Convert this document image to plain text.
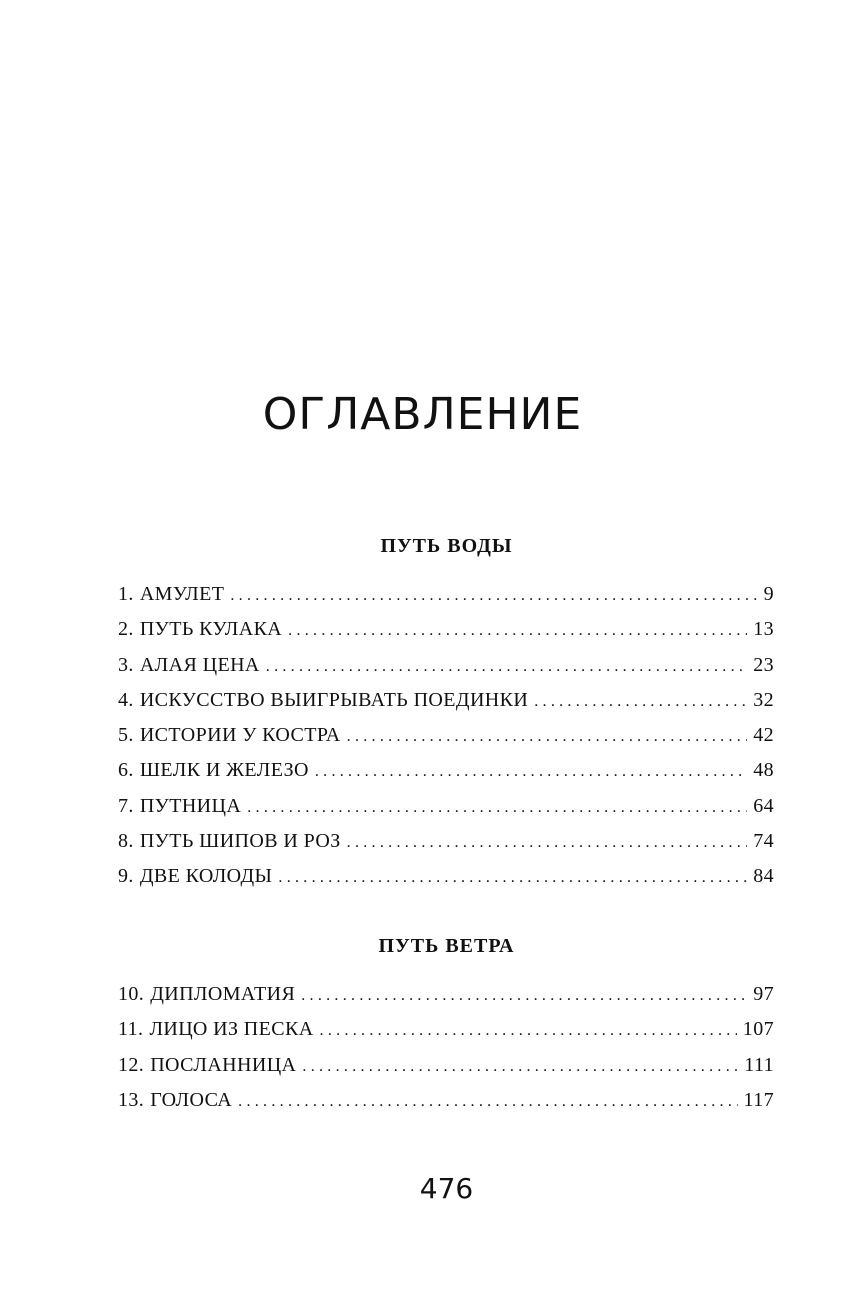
ОГЛАВЛЕНИЕ
ПУТЬ ВОДЫ
1. АМУЛЕТ . . .	9
2. ПУТЬ КУЛАКА . . .	13
3. АЛАЯ ЦЕНА . . .	23
4. ИСКУССТВО ВЫИГРЫВАТЬ ПОЕДИНКИ . . .	32
5. ИСТОРИИ У КОСТРА . . .	42
6. ШЕЛК И ЖЕЛЕЗО . . .	48
7. ПУТНИЦА . . .	64
8. ПУТЬ ШИПОВ И РОЗ . . .	74
9. ДВЕ КОЛОДЫ . . .	84
ПУТЬ ВЕТРА
10. ДИПЛОМАТИЯ . . .	97
11. ЛИЦО ИЗ ПЕСКА . . .	107
12. ПОСЛАННИЦА . . .	111
13. ГОЛОСА . . .	117
476
